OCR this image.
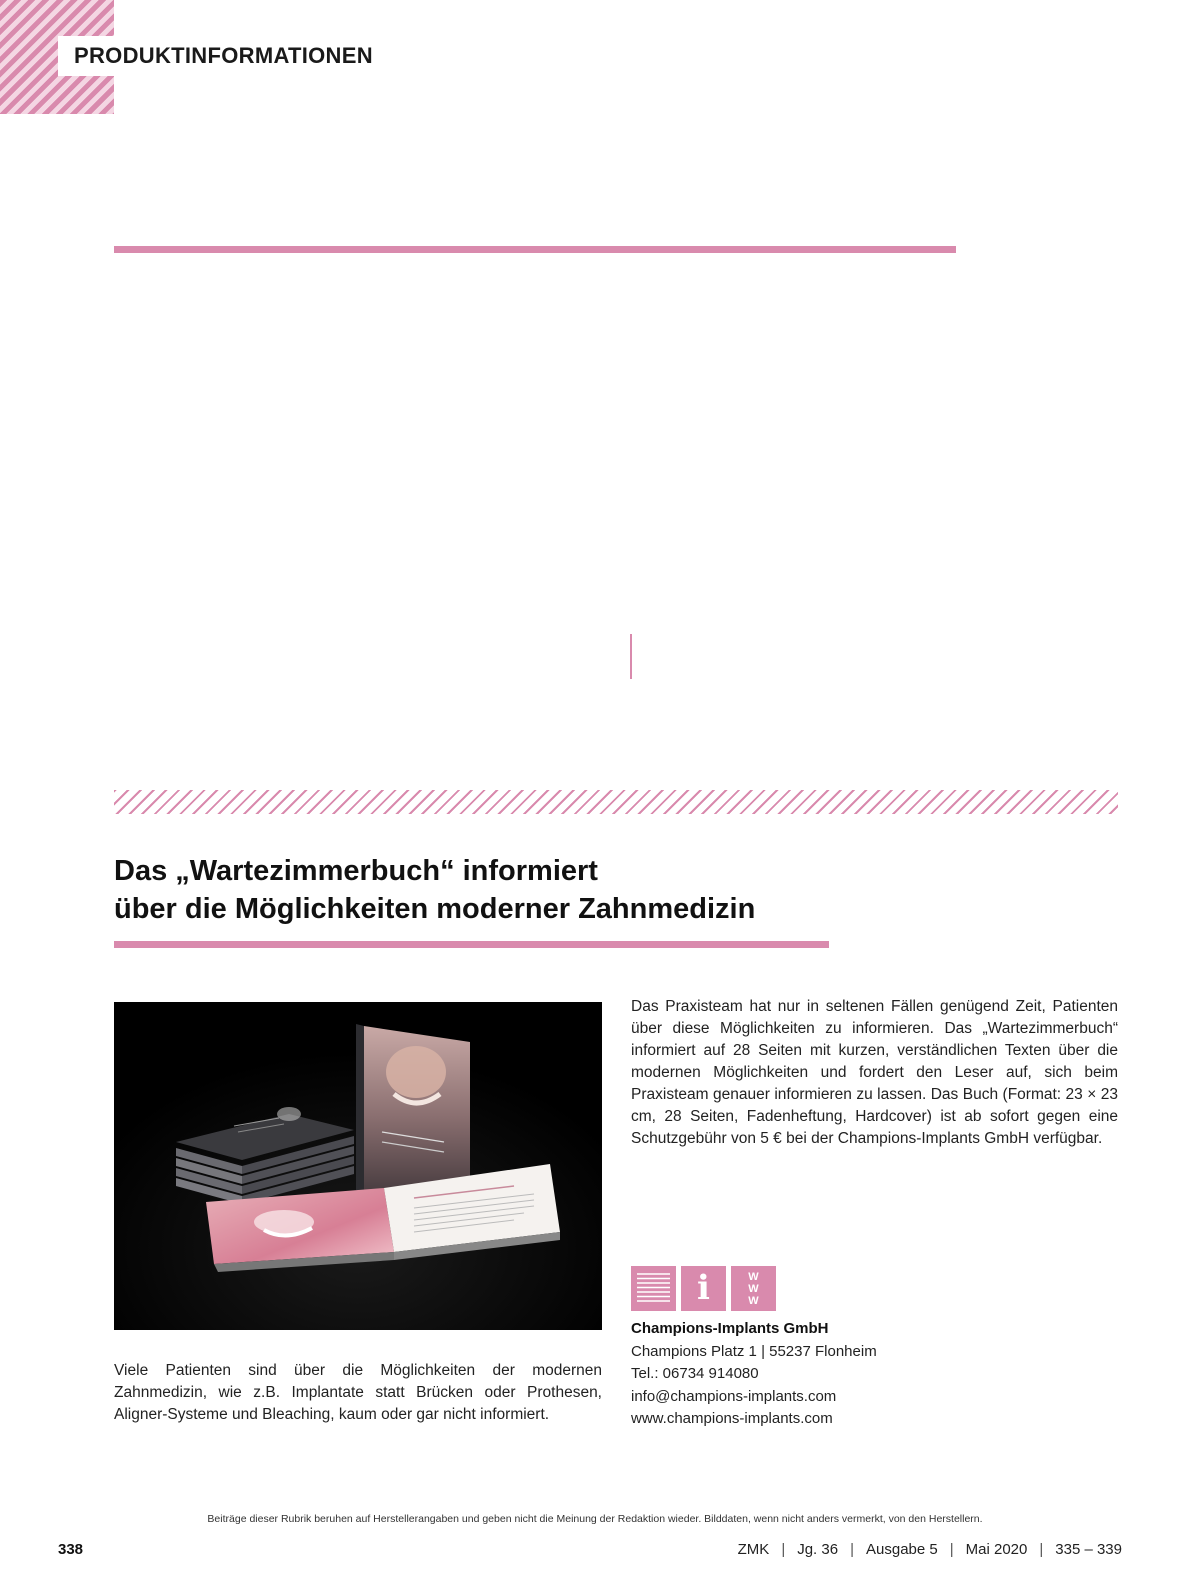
PRODUKTINFORMATIONEN
Das „Wartezimmerbuch“ informiert
über die Möglichkeiten moderner Zahnmedizin

Das Praxisteam hat nur in seltenen Fällen genügend Zeit, Patienten über diese Möglichkeiten zu informieren. Das „Wartezimmerbuch“ informiert auf 28 Seiten mit kurzen, verständlichen Texten über die modernen Möglichkeiten und fordert den Leser auf, sich beim Praxisteam genauer informieren zu lassen. Das Buch (Format: 23 × 23 cm, 28 Seiten, Fadenheftung, Hardcover) ist ab sofort gegen eine Schutzgebühr von 5 € bei der Champions-Implants GmbH verfügbar.

Viele Patienten sind über die Möglichkeiten der modernen Zahnmedizin, wie z.B. Implantate statt Brücken oder Prothesen, Aligner-Systeme und Bleaching, kaum oder gar nicht informiert.

i	W
W
W
Champions-Implants GmbH
Champions Platz 1 | 55237 Flonheim
Tel.: 06734 914080
info@champions-implants.com
www.champions-implants.com
Beiträge dieser Rubrik beruhen auf Herstellerangaben und geben nicht die Meinung der Redaktion wieder. Bilddaten, wenn nicht anders vermerkt, von den Herstellern.
338	ZMK | Jg. 36 | Ausgabe 5 | Mai 2020 | 335 – 339
